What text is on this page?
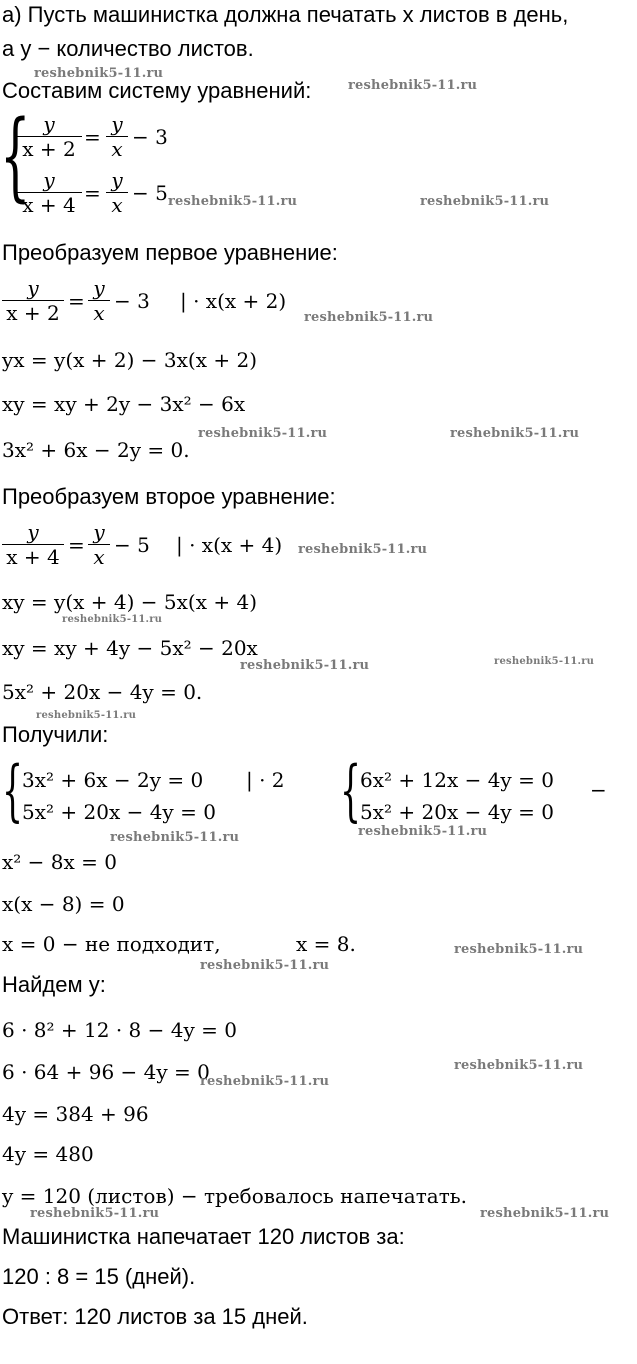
а) Пусть машинистка должна печатать x листов в день,
а y − количество листов.
Составим систему уравнений:
{
$\frac{y}{x + 2} = \frac{y}{x} - 3$
$\frac{y}{x + 4} = \frac{y}{x} - 5$
Преобразуем первое уравнение:
$\frac{y}{x + 2} = \frac{y}{x} - 3$ | · x(x + 2)
yx = y(x + 2) − 3x(x + 2)
xy = xy + 2y − 3x² − 6x
3x² + 6x − 2y = 0.
Преобразуем второе уравнение:
$\frac{y}{x + 4} = \frac{y}{x} - 5$ | · x(x + 4)
xy = y(x + 4) − 5x(x + 4)
xy = xy + 4y − 5x² − 20x
5x² + 20x − 4y = 0.
Получили:
{ 3x² + 6x − 2y = 0 | · 2
5x² + 20x − 4y = 0 { 6x² + 12x − 4y = 0 −
5x² + 20x − 4y = 0
x² − 8x = 0
x(x − 8) = 0
x = 0 − не подходит,	x = 8.
Найдем y:
6 · 8² + 12 · 8 − 4y = 0
6 · 64 + 96 − 4y = 0
4y = 384 + 96
4y = 480
y = 120 (листов) − требовалось напечатать.
Машинистка напечатает 120 листов за:
120 : 8 = 15 (дней).
Ответ: 120 листов за 15 дней.
reshebnik5-11.ru
reshebnik5-11.ru
reshebnik5-11.ru	reshebnik5-11.ru
reshebnik5-11.ru
reshebnik5-11.ru	reshebnik5-11.ru
reshebnik5-11.ru
reshebnik5-11.ru
reshebnik5-11.ru	reshebnik5-11.ru
reshebnik5-11.ru
reshebnik5-11.ru	reshebnik5-11.ru
reshebnik5-11.ru
reshebnik5-11.ru
reshebnik5-11.ru
reshebnik5-11.ru
reshebnik5-11.ru	reshebnik5-11.ru
